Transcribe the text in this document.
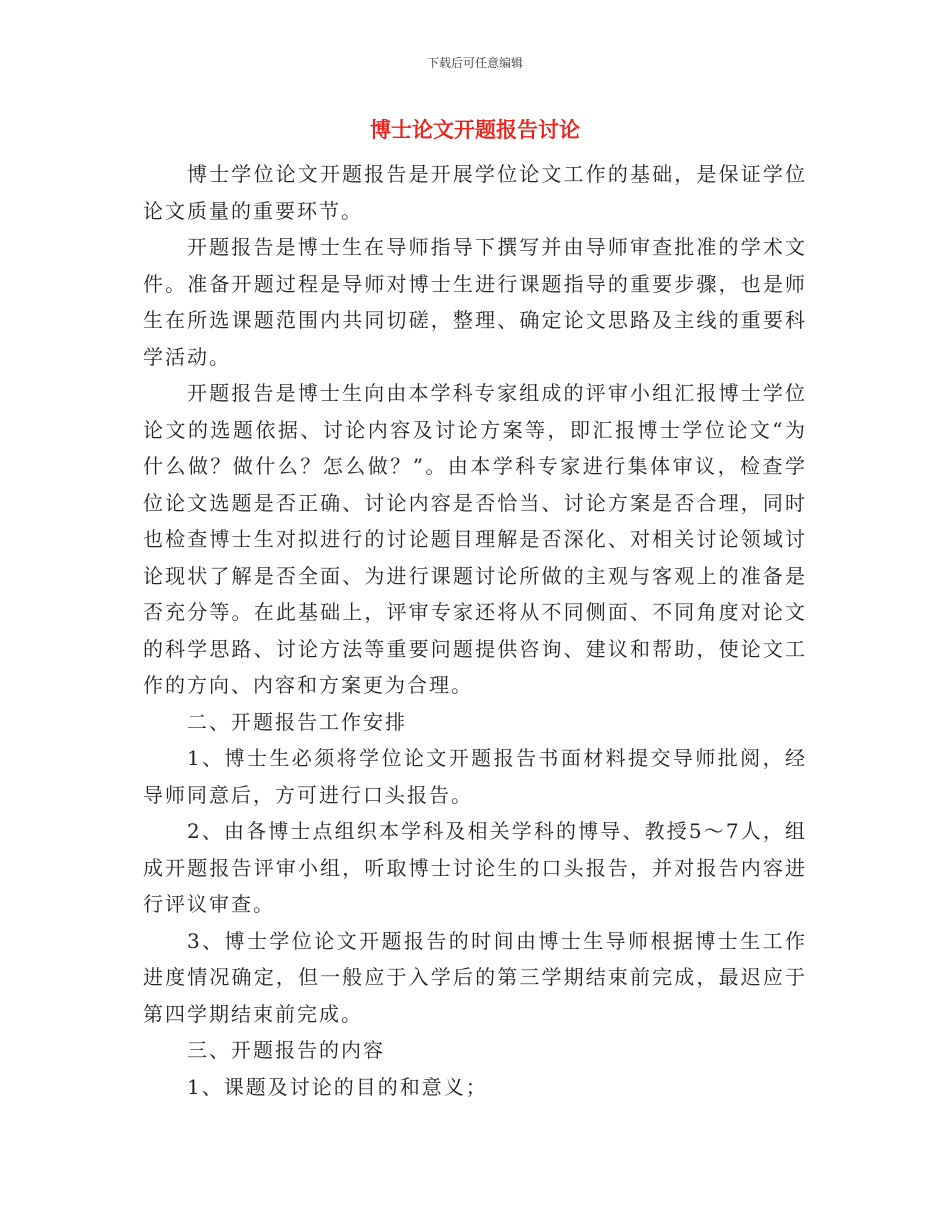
下载后可任意编辑
博士论文开题报告讨论

博士学位论文开题报告是开展学位论文工作的基础，是保证学位论文质量的重要环节。

开题报告是博士生在导师指导下撰写并由导师审查批准的学术文件。准备开题过程是导师对博士生进行课题指导的重要步骤，也是师生在所选课题范围内共同切磋，整理、确定论文思路及主线的重要科学活动。

开题报告是博士生向由本学科专家组成的评审小组汇报博士学位论文的选题依据、讨论内容及讨论方案等，即汇报博士学位论文“为什么做？做什么？怎么做？”。由本学科专家进行集体审议，检查学位论文选题是否正确、讨论内容是否恰当、讨论方案是否合理，同时也检查博士生对拟进行的讨论题目理解是否深化、对相关讨论领域讨论现状了解是否全面、为进行课题讨论所做的主观与客观上的准备是否充分等。在此基础上，评审专家还将从不同侧面、不同角度对论文的科学思路、讨论方法等重要问题提供咨询、建议和帮助，使论文工作的方向、内容和方案更为合理。

二、开题报告工作安排

1、博士生必须将学位论文开题报告书面材料提交导师批阅，经导师同意后，方可进行口头报告。

2、由各博士点组织本学科及相关学科的博导、教授5～7人，组成开题报告评审小组，听取博士讨论生的口头报告，并对报告内容进行评议审查。

3、博士学位论文开题报告的时间由博士生导师根据博士生工作进度情况确定，但一般应于入学后的第三学期结束前完成，最迟应于第四学期结束前完成。

三、开题报告的内容

1、课题及讨论的目的和意义；
